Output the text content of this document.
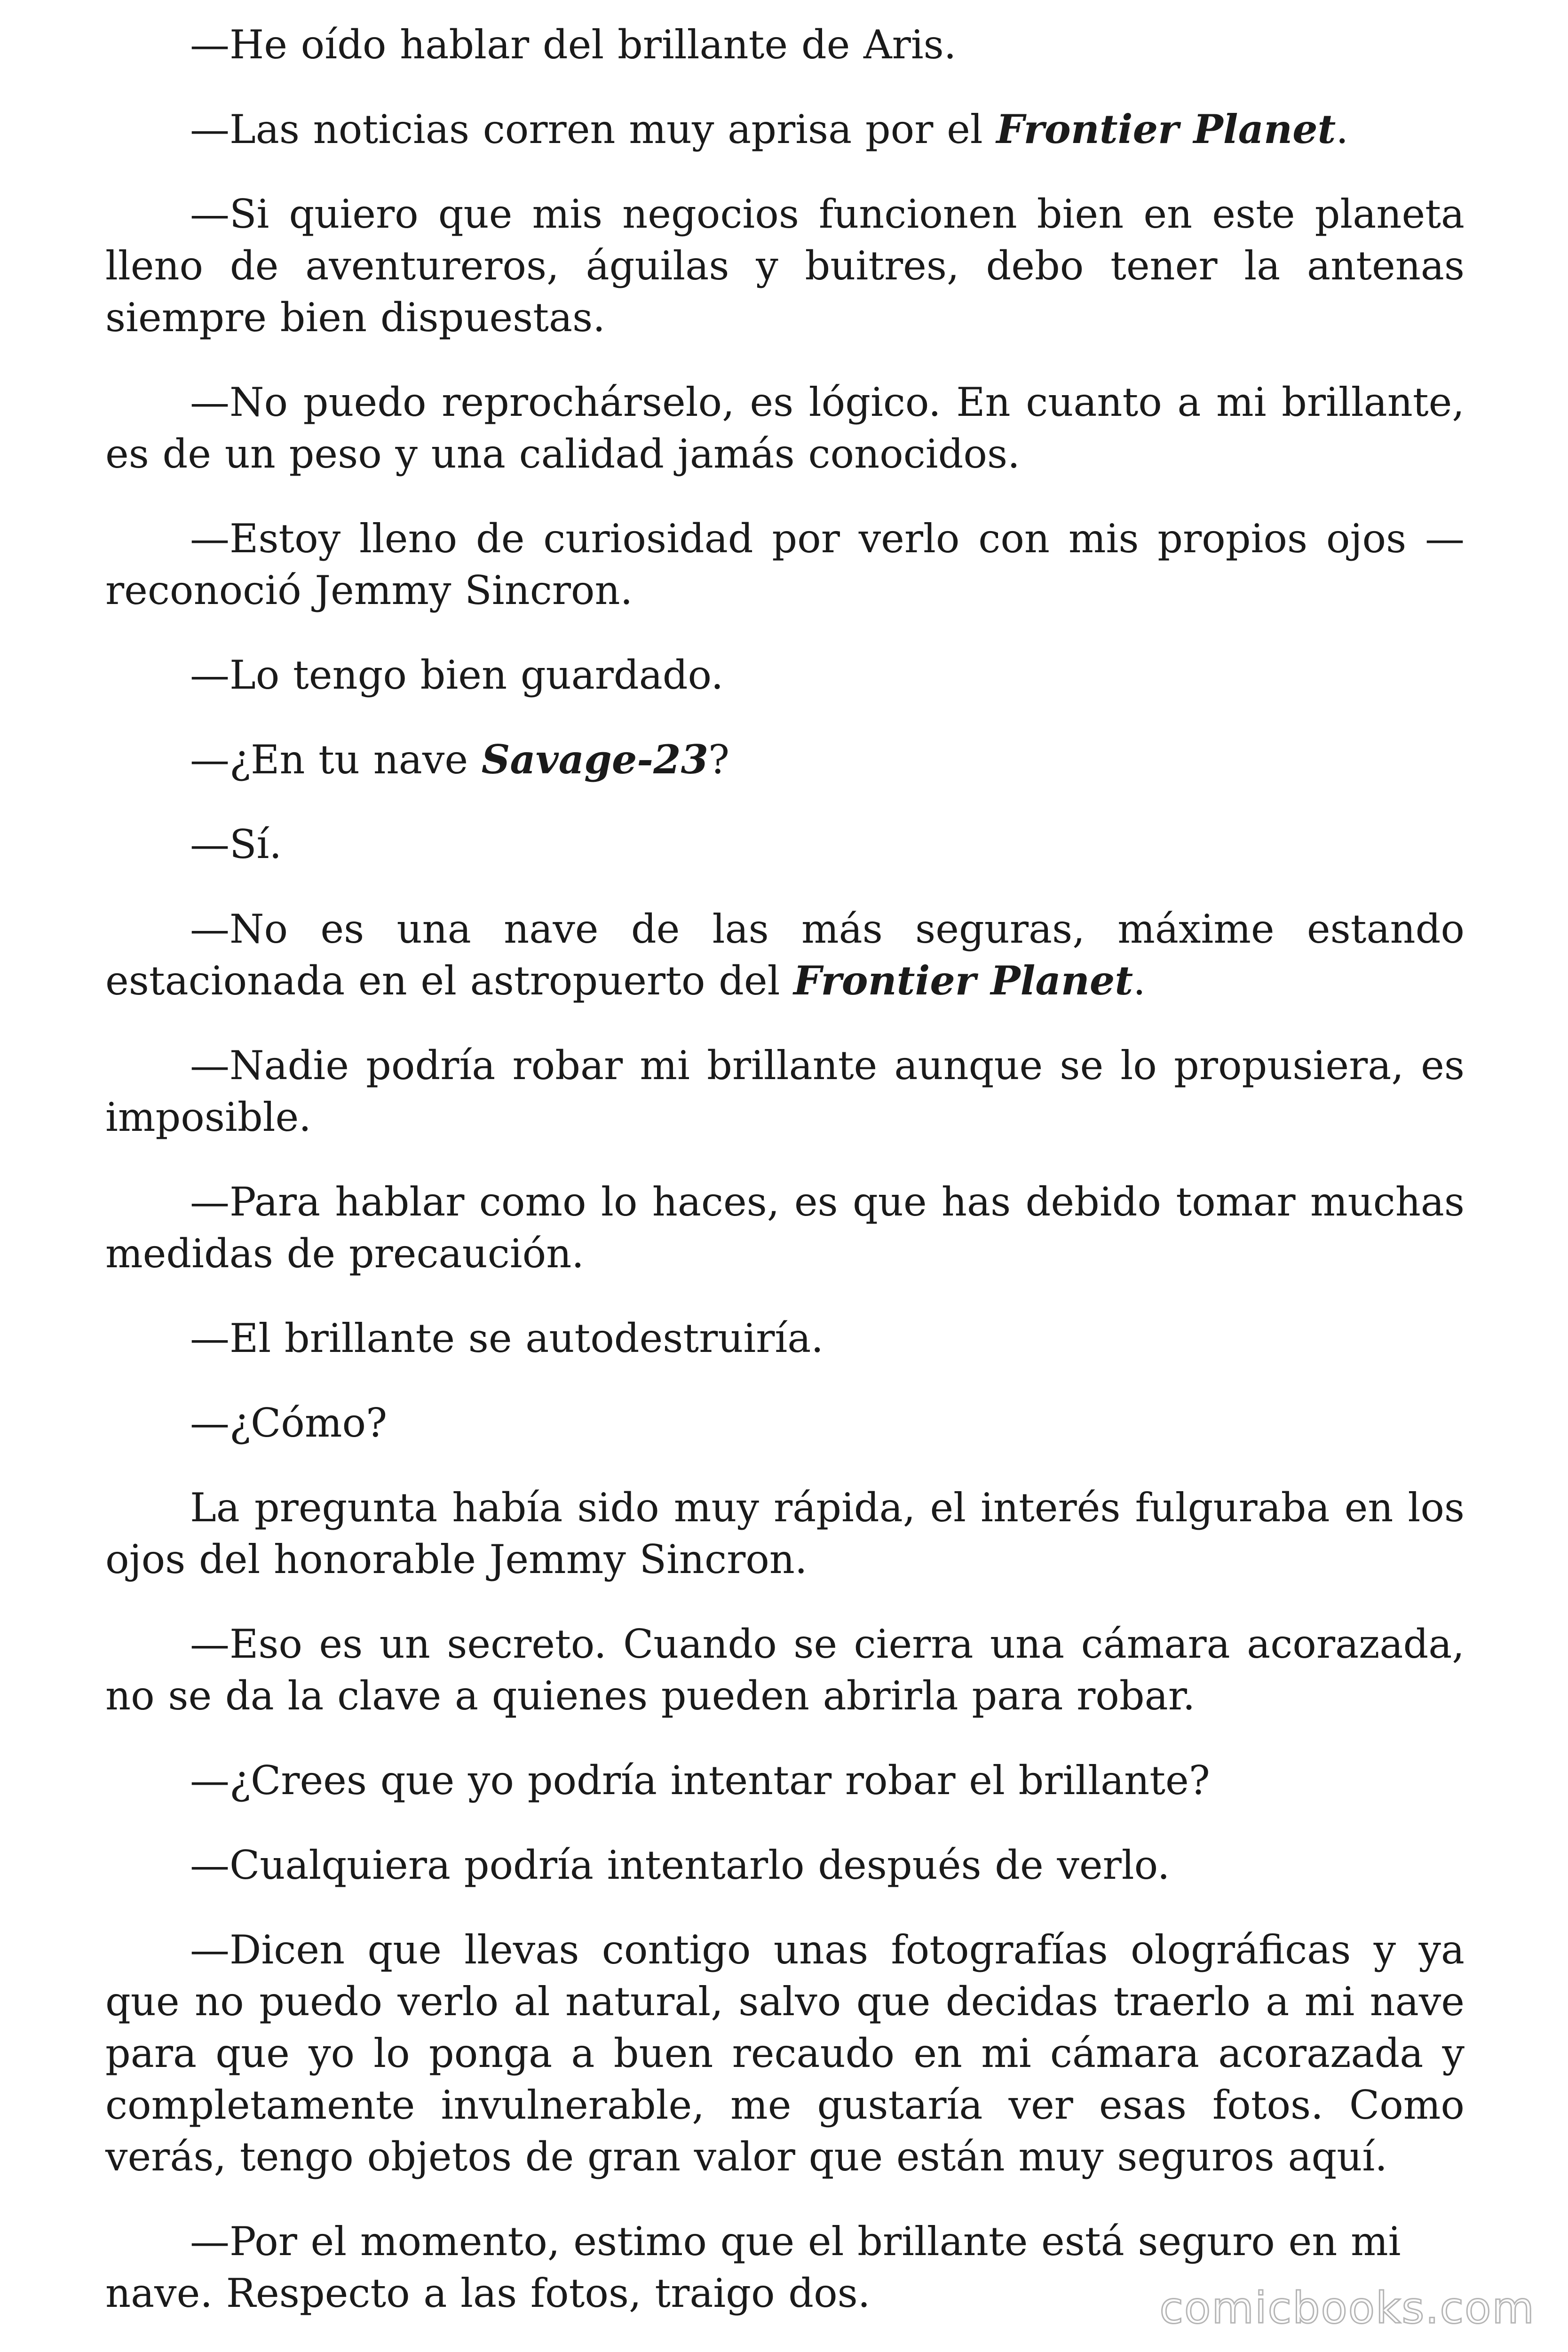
—He oído hablar del brillante de Aris.

—Las noticias corren muy aprisa por el Frontier Planet.

—Si quiero que mis negocios funcionen bien en este planeta lleno de aventureros, águilas y buitres, debo tener la antenas siempre bien dispuestas.

—No puedo reprochárselo, es lógico. En cuanto a mi brillante, es de un peso y una calidad jamás conocidos.

—Estoy lleno de curiosidad por verlo con mis propios ojos — reconoció Jemmy Sincron.

—Lo tengo bien guardado.

—¿En tu nave Savage-23?

—Sí.

—No es una nave de las más seguras, máxime estando estacionada en el astropuerto del Frontier Planet.

—Nadie podría robar mi brillante aunque se lo propusiera, es imposible.

—Para hablar como lo haces, es que has debido tomar muchas medidas de precaución.

—El brillante se autodestruiría.

—¿Cómo?

La pregunta había sido muy rápida, el interés fulguraba en los ojos del honorable Jemmy Sincron.

—Eso es un secreto. Cuando se cierra una cámara acorazada, no se da la clave a quienes pueden abrirla para robar.

—¿Crees que yo podría intentar robar el brillante?

—Cualquiera podría intentarlo después de verlo.

—Dicen que llevas contigo unas fotografías olográficas y ya que no puedo verlo al natural, salvo que decidas traerlo a mi nave para que yo lo ponga a buen recaudo en mi cámara acorazada y completamente invulnerable, me gustaría ver esas fotos. Como verás, tengo objetos de gran valor que están muy seguros aquí.

—Por el momento, estimo que el brillante está seguro en mi nave. Respecto a las fotos, traigo dos.	comicbooks.com
